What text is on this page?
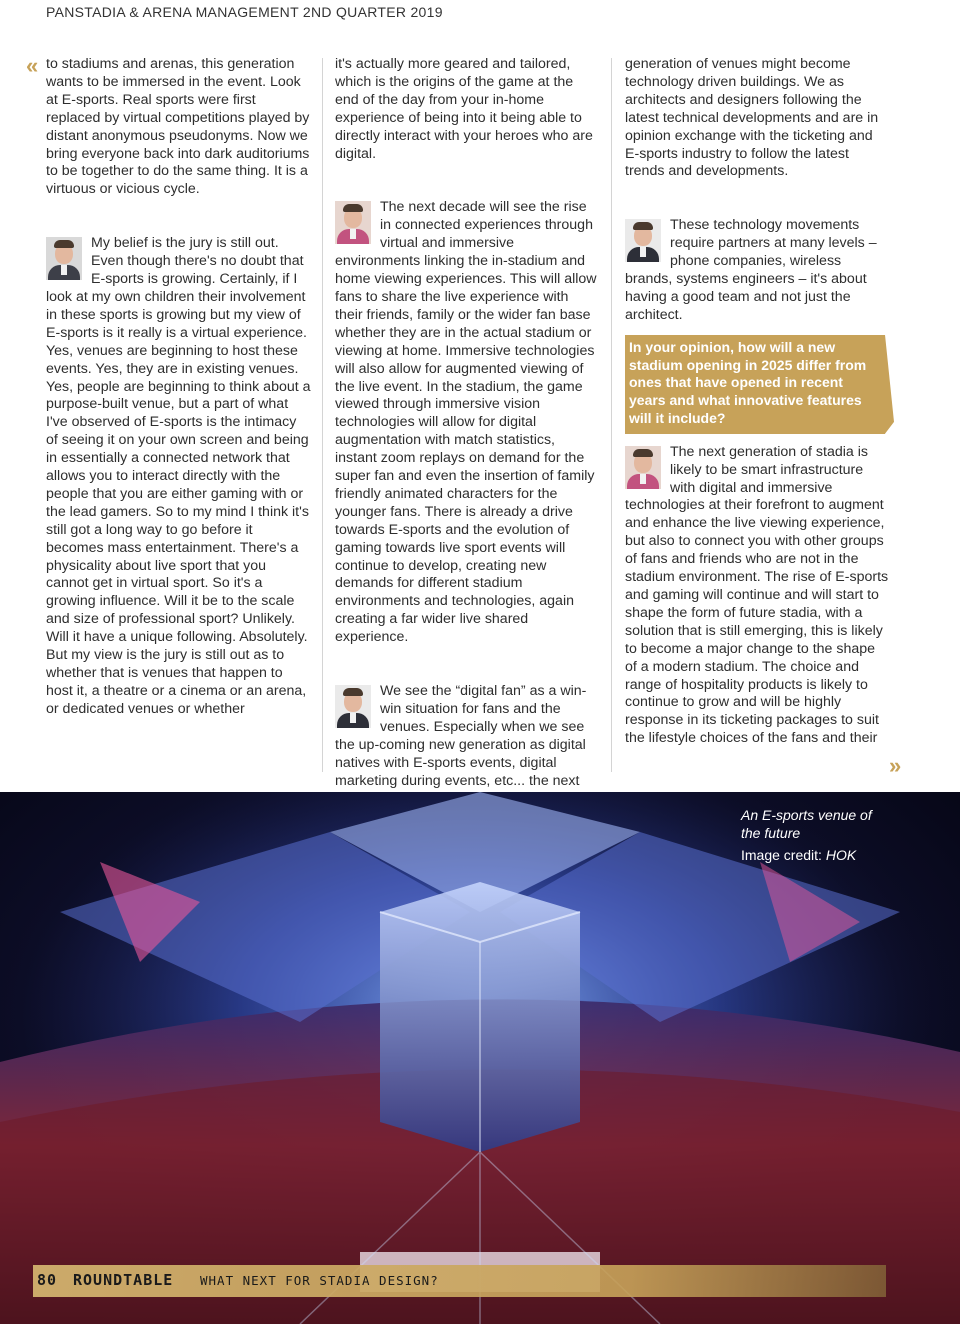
PANSTADIA & ARENA MANAGEMENT 2ND QUARTER 2019
« to stadiums and arenas, this generation wants to be immersed in the event. Look at E-sports. Real sports were first replaced by virtual competitions played by distant anonymous pseudonyms. Now we bring everyone back into dark auditoriums to be together to do the same thing. It is a virtuous or vicious cycle.

My belief is the jury is still out. Even though there's no doubt that E-sports is growing. Certainly, if I look at my own children their involvement in these sports is growing but my view of E-sports is it really is a virtual experience. Yes, venues are beginning to host these events. Yes, they are in existing venues. Yes, people are beginning to think about a purpose-built venue, but a part of what I've observed of E-sports is the intimacy of seeing it on your own screen and being in essentially a connected network that allows you to interact directly with the people that you are either gaming with or the lead gamers. So to my mind I think it's still got a long way to go before it becomes mass entertainment. There's a physicality about live sport that you cannot get in virtual sport. So it's a growing influence. Will it be to the scale and size of professional sport? Unlikely. Will it have a unique following. Absolutely. But my view is the jury is still out as to whether that is venues that happen to host it, a theatre or a cinema or an arena, or dedicated venues or whether

it's actually more geared and tailored, which is the origins of the game at the end of the day from your in-home experience of being into it being able to directly interact with your heroes who are digital.

The next decade will see the rise in connected experiences through virtual and immersive environments linking the in-stadium and home viewing experiences. This will allow fans to share the live experience with their friends, family or the wider fan base whether they are in the actual stadium or viewing at home. Immersive technologies will also allow for augmented viewing of the live event. In the stadium, the game viewed through immersive vision technologies will allow for digital augmentation with match statistics, instant zoom replays on demand for the super fan and even the insertion of family friendly animated characters for the younger fans. There is already a drive towards E-sports and the evolution of gaming towards live sport events will continue to develop, creating new demands for different stadium environments and technologies, again creating a far wider live shared experience.

We see the “digital fan” as a win-win situation for fans and the venues. Especially when we see the up-coming new generation as digital natives with E-sports events, digital marketing during events, etc... the next

generation of venues might become technology driven buildings. We as architects and designers following the latest technical developments and are in opinion exchange with the ticketing and E-sports industry to follow the latest trends and developments.

These technology movements require partners at many levels – phone companies, wireless brands, systems engineers – it's about having a good team and not just the architect.

In your opinion, how will a new stadium opening in 2025 differ from ones that have opened in recent years and what innovative features will it include?

The next generation of stadia is likely to be smart infrastructure with digital and immersive technologies at their forefront to augment and enhance the live viewing experience, but also to connect you with other groups of fans and friends who are not in the stadium environment. The rise of E-sports and gaming will continue and will start to shape the form of future stadia, with a solution that is still emerging, this is likely to become a major change to the shape of a modern stadium. The choice and range of hospitality products is likely to continue to grow and will be highly response in its ticketing packages to suit the lifestyle choices of the fans and their

»
An E-sports venue of the future
Image credit: HOK
80 ROUNDTABLE WHAT NEXT FOR STADIA DESIGN?
